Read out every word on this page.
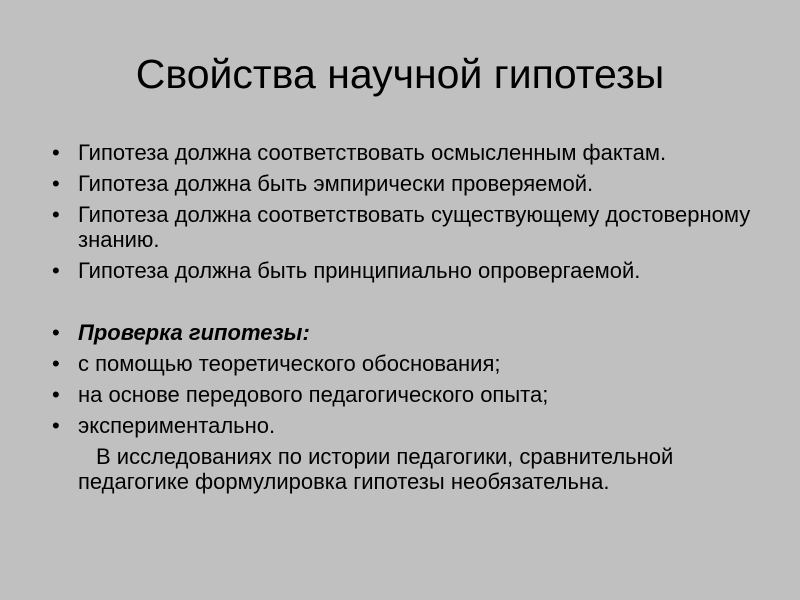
Свойства научной гипотезы
• Гипотеза должна соответствовать осмысленным фактам.
• Гипотеза должна быть эмпирически проверяемой.
• Гипотеза должна соответствовать существующему достоверному знанию.
• Гипотеза должна быть принципиально опровергаемой.
• Проверка гипотезы:
• с помощью теоретического обоснования;
• на основе передового педагогического опыта;
• экспериментально.
В исследованиях по истории педагогики, сравнительной педагогике формулировка гипотезы необязательна.
